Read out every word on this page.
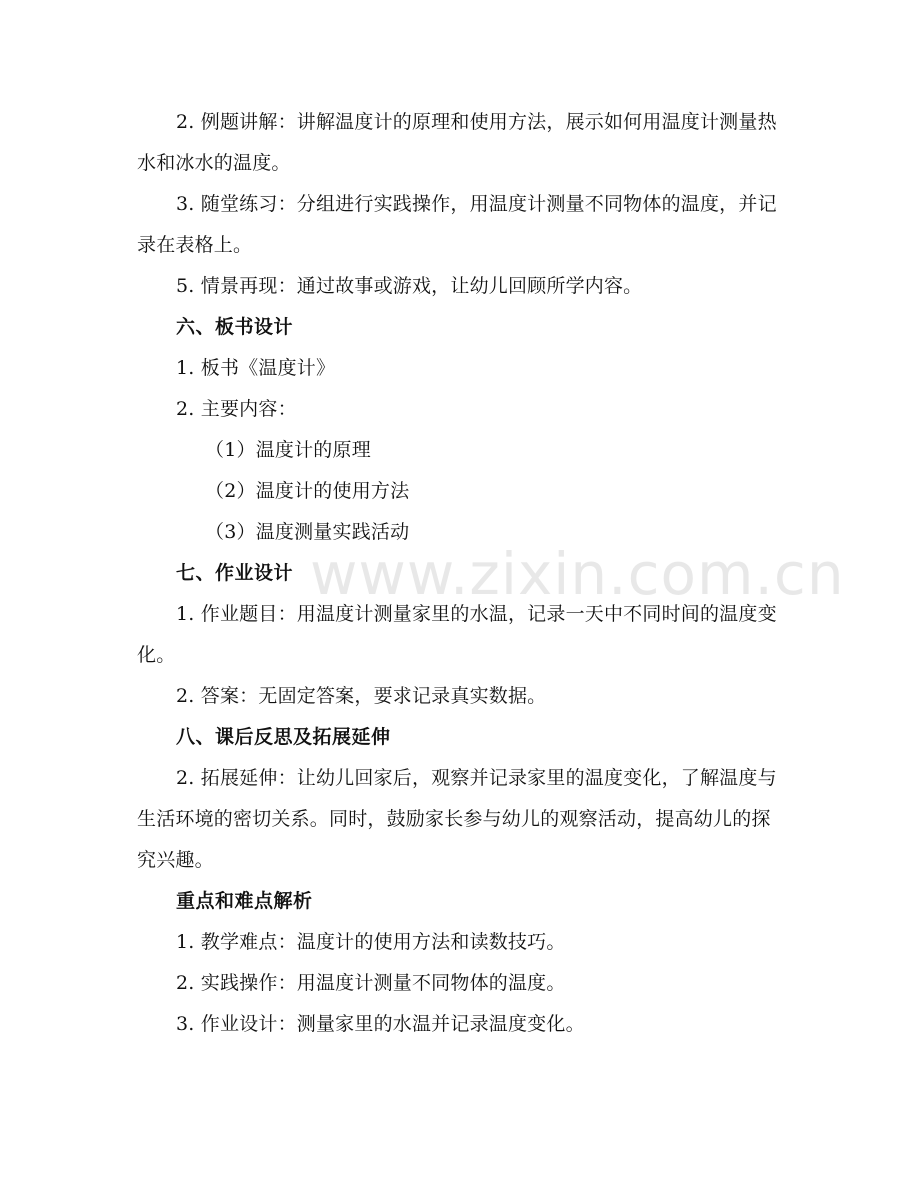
2. 例题讲解：讲解温度计的原理和使用方法，展示如何用温度计测量热水和冰水的温度。

3. 随堂练习：分组进行实践操作，用温度计测量不同物体的温度，并记录在表格上。

5. 情景再现：通过故事或游戏，让幼儿回顾所学内容。

六、板书设计

1. 板书《温度计》

2. 主要内容：

（1）温度计的原理

（2）温度计的使用方法

（3）温度测量实践活动

七、作业设计

1. 作业题目：用温度计测量家里的水温，记录一天中不同时间的温度变化。

2. 答案：无固定答案，要求记录真实数据。

八、课后反思及拓展延伸

2. 拓展延伸：让幼儿回家后，观察并记录家里的温度变化，了解温度与生活环境的密切关系。同时，鼓励家长参与幼儿的观察活动，提高幼儿的探究兴趣。

重点和难点解析

1. 教学难点：温度计的使用方法和读数技巧。

2. 实践操作：用温度计测量不同物体的温度。

3. 作业设计：测量家里的水温并记录温度变化。

www.zixin.com.cn
